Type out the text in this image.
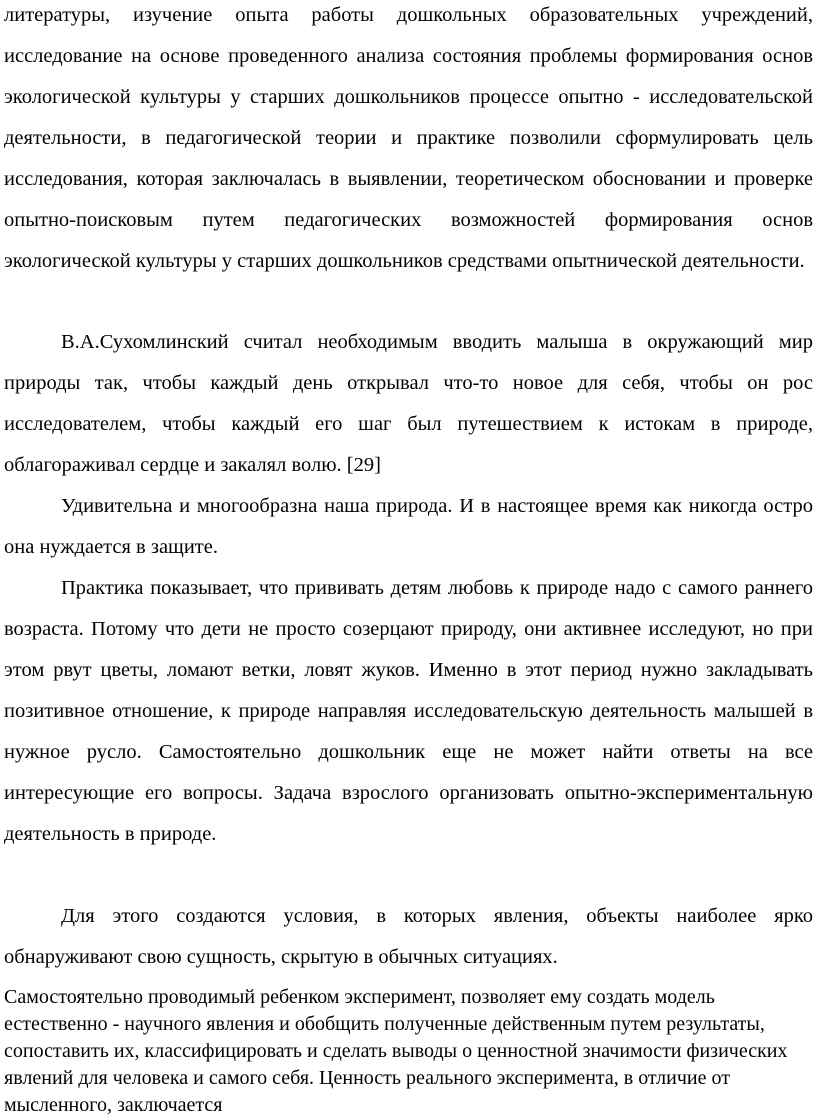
литературы, изучение опыта работы дошкольных образовательных учреждений, исследование на основе проведенного анализа состояния проблемы формирования основ экологической культуры у старших дошкольников процессе опытно - исследовательской деятельности, в педагогической теории и практике позволили сформулировать цель исследования, которая заключалась в выявлении, теоретическом обосновании и проверке опытно-поисковым путем педагогических возможностей формирования основ экологической культуры у старших дошкольников средствами опытнической деятельности.

В.А.Сухомлинский считал необходимым вводить малыша в окружающий мир природы так, чтобы каждый день открывал что-то новое для себя, чтобы он рос исследователем, чтобы каждый его шаг был путешествием к истокам в природе, облагораживал сердце и закалял волю. [29]

Удивительна и многообразна наша природа. И в настоящее время как никогда остро она нуждается в защите.

Практика показывает, что прививать детям любовь к природе надо с самого раннего возраста. Потому что дети не просто созерцают природу, они активнее исследуют, но при этом рвут цветы, ломают ветки, ловят жуков. Именно в этот период нужно закладывать позитивное отношение, к природе направляя исследовательскую деятельность малышей в нужное русло. Самостоятельно дошкольник еще не может найти ответы на все интересующие его вопросы. Задача взрослого организовать опытно-экспериментальную деятельность в природе.

Для этого создаются условия, в которых явления, объекты наиболее ярко обнаруживают свою сущность, скрытую в обычных ситуациях.

Самостоятельно проводимый ребенком эксперимент, позволяет ему создать модель естественно - научного явления и обобщить полученные действенным путем результаты, сопоставить их, классифицировать и сделать выводы о ценностной значимости физических явлений для человека и самого себя. Ценность реального эксперимента, в отличие от мысленного, заключается
